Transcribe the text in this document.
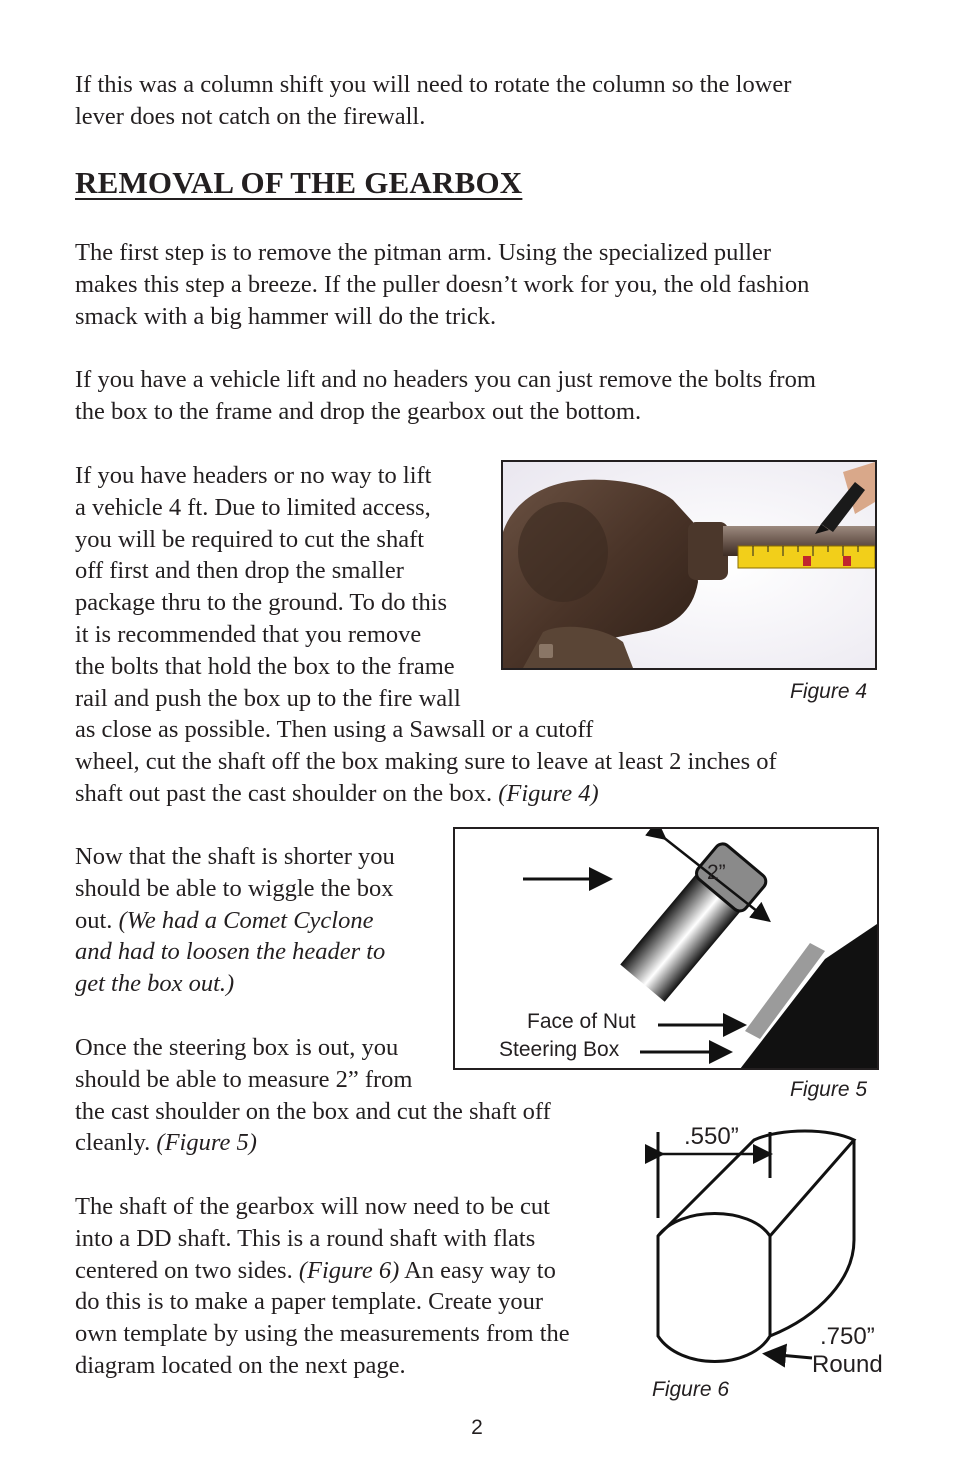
If this was a column shift you will need to rotate the column so the lower
lever does not catch on the firewall.

REMOVAL OF THE GEARBOX

The first step is to remove the pitman arm. Using the specialized puller
makes this step a breeze. If the puller doesn’t work for you, the old fashion
smack with a big hammer will do the trick.

If you have a vehicle lift and no headers you can just remove the bolts from
the box to the frame and drop the gearbox out the bottom.

If you have headers or no way to lift
a vehicle 4 ft. Due to limited access,
you will be required to cut the shaft
off first and then drop the smaller
package thru to the ground. To do this
it is recommended that you remove
the bolts that hold the box to the frame
rail and push the box up to the fire wall
as close as possible. Then using a Sawsall or a cutoff
wheel, cut the shaft off the box making sure to leave at least 2 inches of
shaft out past the cast shoulder on the box. (Figure 4)

Figure 4

Now that the shaft is shorter you
should be able to wiggle the box
out. (We had a Comet Cyclone
and had to loosen the header to
get the box out.)

Once the steering box is out, you
should be able to measure 2” from
the cast shoulder on the box and cut the shaft off
cleanly. (Figure 5)

2”
Face of Nut
Steering Box
Figure 5

The shaft of the gearbox will now need to be cut
into a DD shaft. This is a round shaft with flats
centered on two sides. (Figure 6) An easy way to
do this is to make a paper template. Create your
own template by using the measurements from the
diagram located on the next page.

.550”
.750”
Round
Figure 6
2
